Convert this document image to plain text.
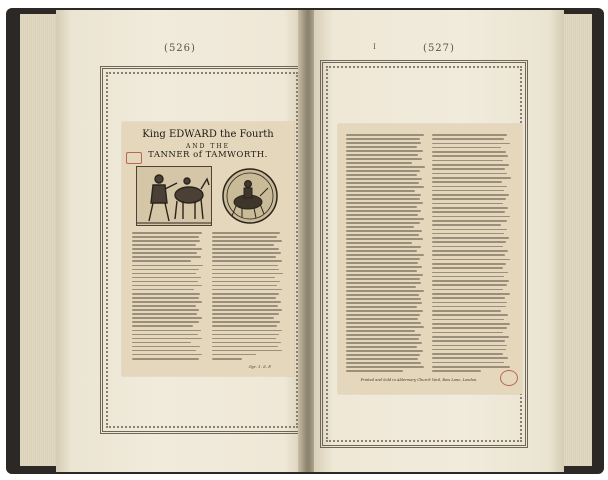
(526)
King EDWARD the Fourth
AND THE
TANNER of TAMWORTH.
Gyr. 1. S. P.
(527)
I
Printed and Sold in Aldermary Church Yard, Bow Lane, London.
